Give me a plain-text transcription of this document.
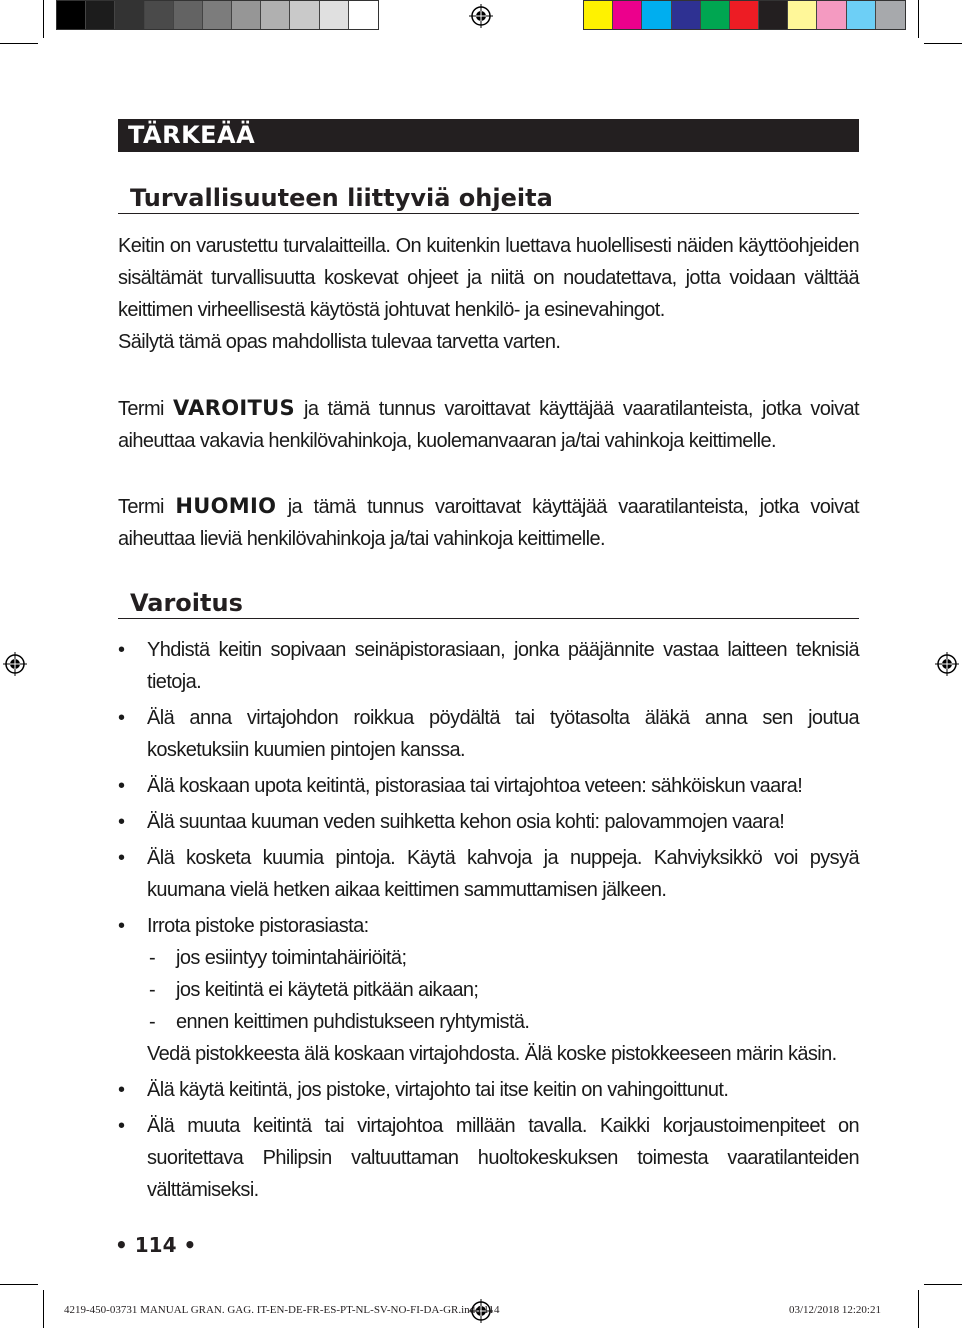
TÄRKEÄÄ
Turvallisuuteen liittyviä ohjeita
Keitin on varustettu turvalaitteilla. On kuitenkin luettava huolellisesti näiden käyttöohjeiden sisältämät turvallisuutta koskevat ohjeet ja niitä on noudatettava, jotta voidaan välttää keittimen virheellisestä käytöstä johtuvat henkilö- ja esinevahingot.
Säilytä tämä opas mahdollista tulevaa tarvetta varten.
Termi VAROITUS ja tämä tunnus varoittavat käyttäjää vaaratilanteista, jotka voivat aiheuttaa vakavia henkilövahinkoja, kuolemanvaaran ja/tai vahinkoja keittimelle.
Termi HUOMIO ja tämä tunnus varoittavat käyttäjää vaaratilanteista, jotka voivat aiheuttaa lieviä henkilövahinkoja ja/tai vahinkoja keittimelle.
Varoitus
• Yhdistä keitin sopivaan seinäpistorasiaan, jonka pääjännite vastaa laitteen teknisiä tietoja.
• Älä anna virtajohdon roikkua pöydältä tai työtasolta äläkä anna sen joutua kosketuksiin kuumien pintojen kanssa.
• Älä koskaan upota keitintä, pistorasiaa tai virtajohtoa veteen: sähköiskun vaara!
• Älä suuntaa kuuman veden suihketta kehon osia kohti: palovammojen vaara!
• Älä kosketa kuumia pintoja. Käytä kahvoja ja nuppeja. Kahviyksikkö voi pysyä kuumana vielä hetken aikaa keittimen sammuttamisen jälkeen.
• Irrota pistoke pistorasiasta:
- jos esiintyy toimintahäiriöitä;
- jos keitintä ei käytetä pitkään aikaan;
- ennen keittimen puhdistukseen ryhtymistä.
Vedä pistokkeesta älä koskaan virtajohdosta. Älä koske pistokkeeseen märin käsin.
• Älä käytä keitintä, jos pistoke, virtajohto tai itse keitin on vahingoittunut.
• Älä muuta keitintä tai virtajohtoa millään tavalla. Kaikki korjaustoimenpiteet on suoritettava Philipsin valtuuttaman huoltokeskuksen toimesta vaaratilanteiden välttämiseksi.
• 114 •
4219-450-03731 MANUAL GRAN. GAG. IT-EN-DE-FR-ES-PT-NL-SV-NO-FI-DA-GR.indd 114	03/12/2018 12:20:21
